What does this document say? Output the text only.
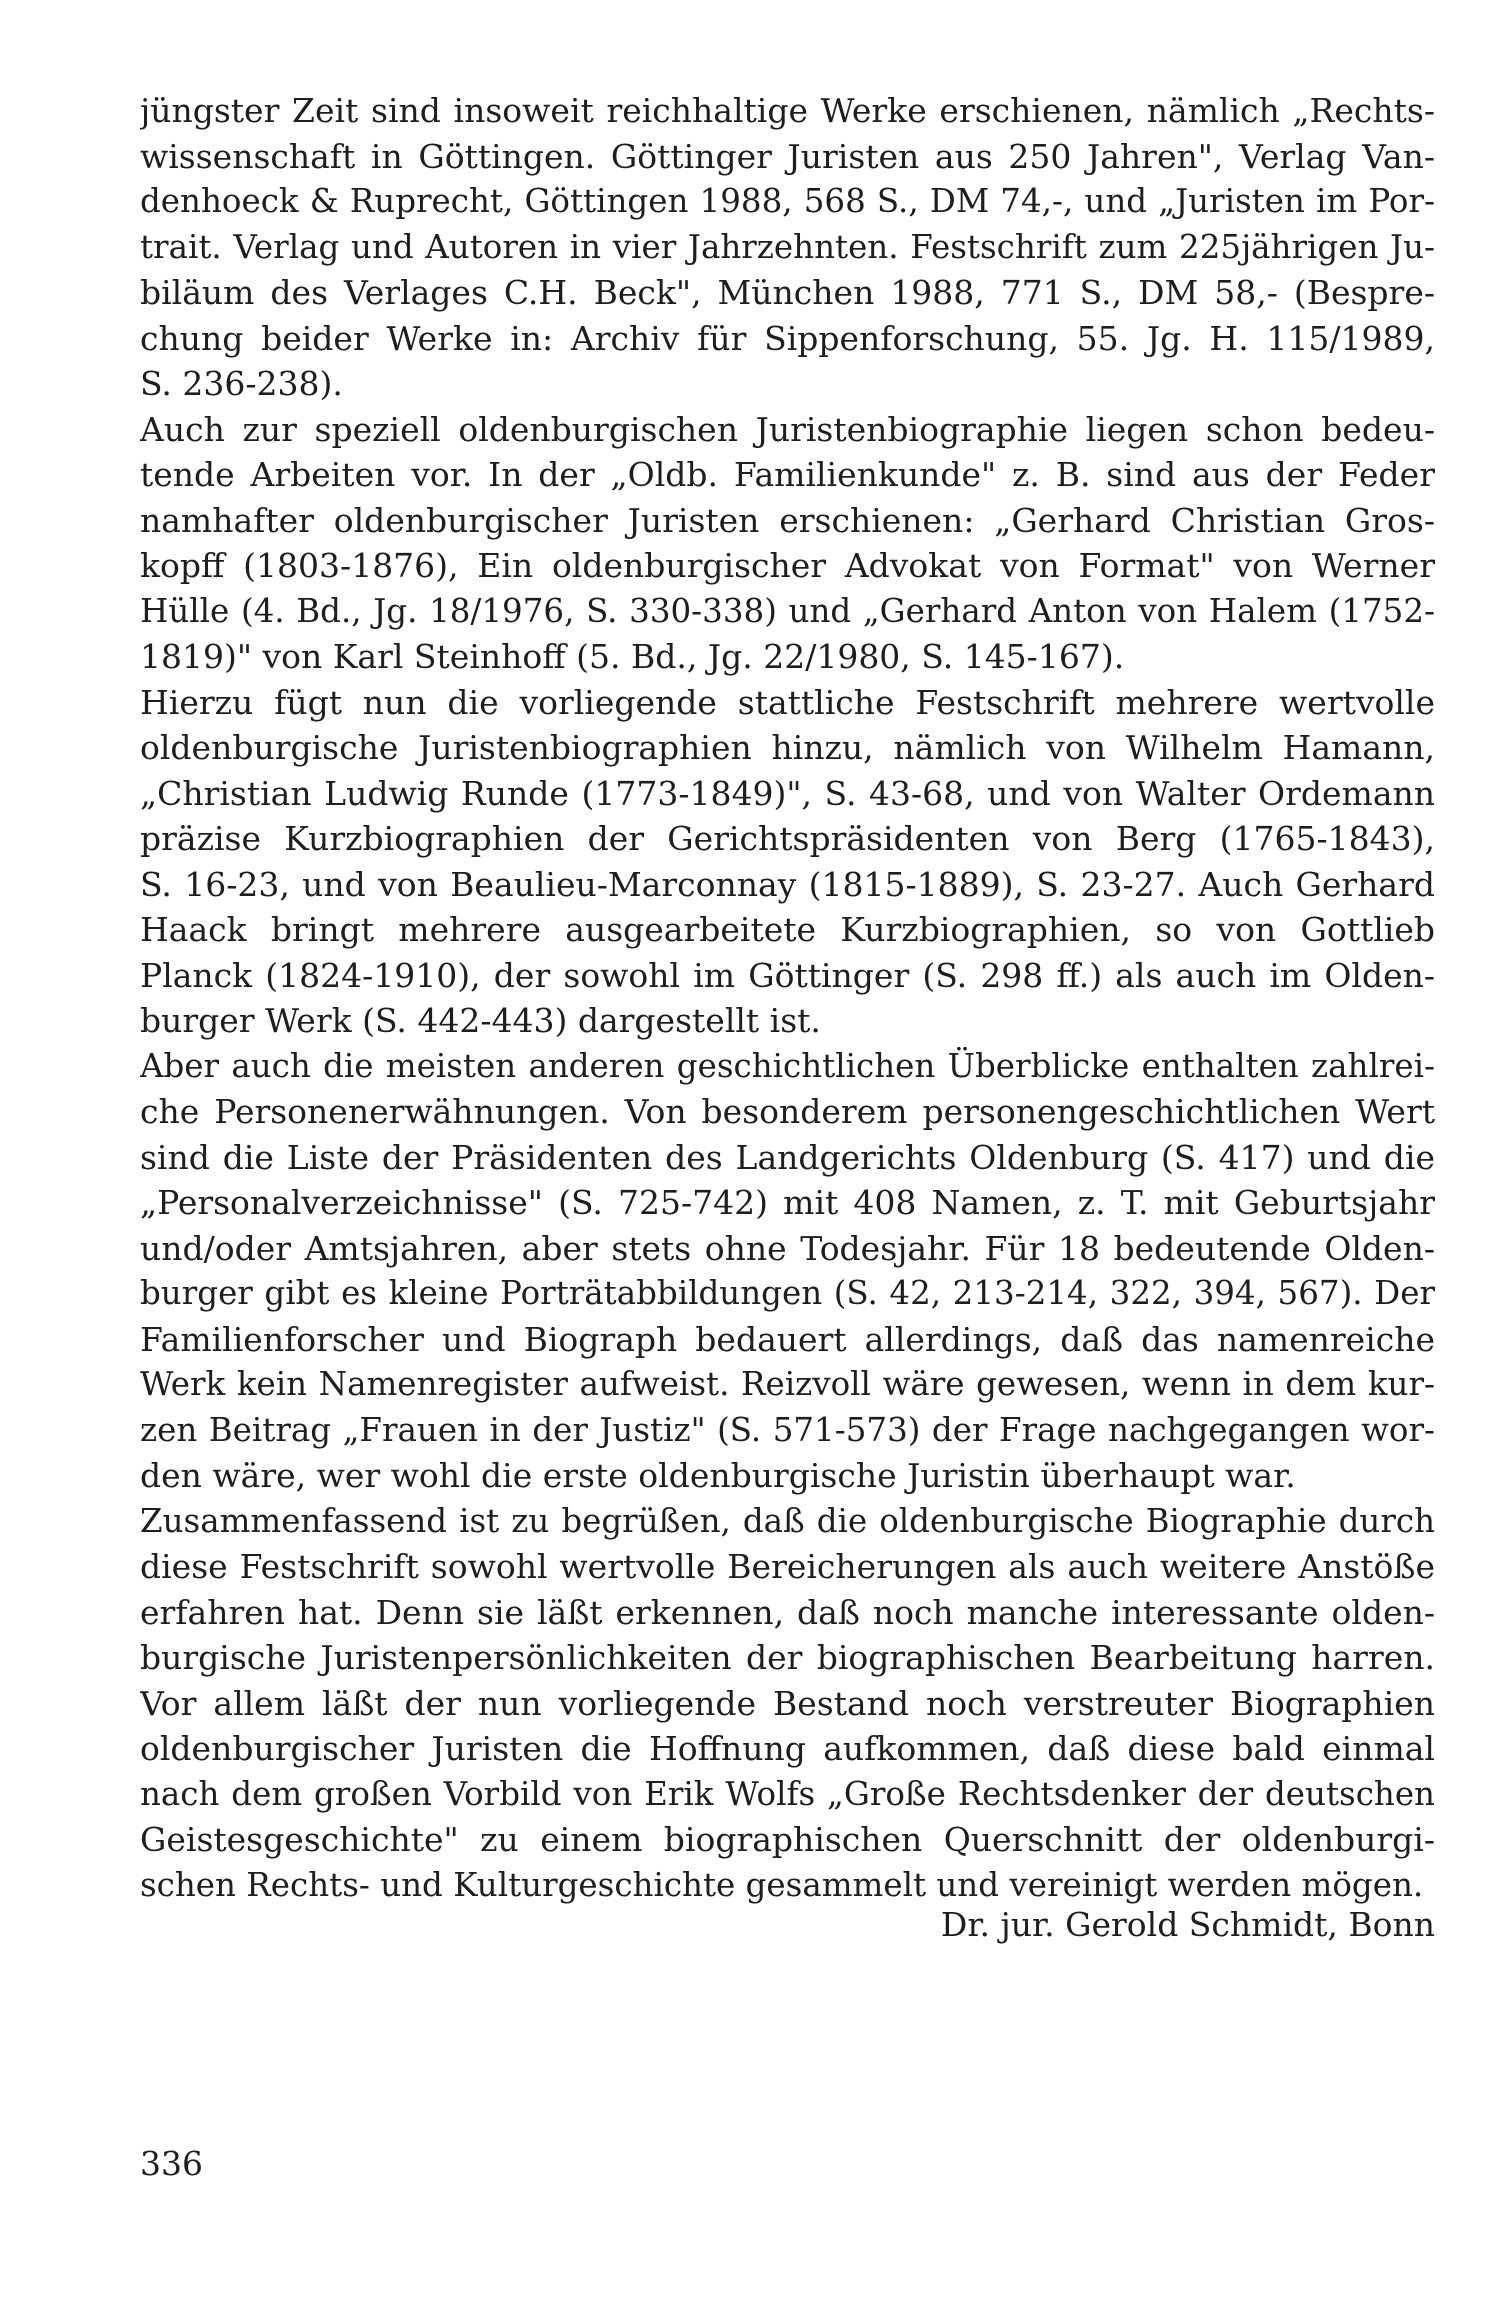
jüngster Zeit sind insoweit reichhaltige Werke erschienen, nämlich „Rechts-
wissenschaft in Göttingen. Göttinger Juristen aus 250 Jahren", Verlag Van-
denhoeck & Ruprecht, Göttingen 1988, 568 S., DM 74,-, und „Juristen im Por-
trait. Verlag und Autoren in vier Jahrzehnten. Festschrift zum 225jährigen Ju-
biläum des Verlages C.H. Beck", München 1988, 771 S., DM 58,- (Bespre-
chung beider Werke in: Archiv für Sippenforschung, 55. Jg. H. 115/1989,
S. 236-238).
Auch zur speziell oldenburgischen Juristenbiographie liegen schon bedeu-
tende Arbeiten vor. In der „Oldb. Familienkunde" z. B. sind aus der Feder
namhafter oldenburgischer Juristen erschienen: „Gerhard Christian Gros-
kopff (1803-1876), Ein oldenburgischer Advokat von Format" von Werner
Hülle (4. Bd., Jg. 18/1976, S. 330-338) und „Gerhard Anton von Halem (1752-
1819)" von Karl Steinhoff (5. Bd., Jg. 22/1980, S. 145-167).
Hierzu fügt nun die vorliegende stattliche Festschrift mehrere wertvolle
oldenburgische Juristenbiographien hinzu, nämlich von Wilhelm Hamann,
„Christian Ludwig Runde (1773-1849)", S. 43-68, und von Walter Ordemann
präzise Kurzbiographien der Gerichtspräsidenten von Berg (1765-1843),
S. 16-23, und von Beaulieu-Marconnay (1815-1889), S. 23-27. Auch Gerhard
Haack bringt mehrere ausgearbeitete Kurzbiographien, so von Gottlieb
Planck (1824-1910), der sowohl im Göttinger (S. 298 ff.) als auch im Olden-
burger Werk (S. 442-443) dargestellt ist.
Aber auch die meisten anderen geschichtlichen Überblicke enthalten zahlrei-
che Personenerwähnungen. Von besonderem personengeschichtlichen Wert
sind die Liste der Präsidenten des Landgerichts Oldenburg (S. 417) und die
„Personalverzeichnisse" (S. 725-742) mit 408 Namen, z. T. mit Geburtsjahr
und/oder Amtsjahren, aber stets ohne Todesjahr. Für 18 bedeutende Olden-
burger gibt es kleine Porträtabbildungen (S. 42, 213-214, 322, 394, 567). Der
Familienforscher und Biograph bedauert allerdings, daß das namenreiche
Werk kein Namenregister aufweist. Reizvoll wäre gewesen, wenn in dem kur-
zen Beitrag „Frauen in der Justiz" (S. 571-573) der Frage nachgegangen wor-
den wäre, wer wohl die erste oldenburgische Juristin überhaupt war.
Zusammenfassend ist zu begrüßen, daß die oldenburgische Biographie durch
diese Festschrift sowohl wertvolle Bereicherungen als auch weitere Anstöße
erfahren hat. Denn sie läßt erkennen, daß noch manche interessante olden-
burgische Juristenpersönlichkeiten der biographischen Bearbeitung harren.
Vor allem läßt der nun vorliegende Bestand noch verstreuter Biographien
oldenburgischer Juristen die Hoffnung aufkommen, daß diese bald einmal
nach dem großen Vorbild von Erik Wolfs „Große Rechtsdenker der deutschen
Geistesgeschichte" zu einem biographischen Querschnitt der oldenburgi-
schen Rechts- und Kulturgeschichte gesammelt und vereinigt werden mögen.
Dr. jur. Gerold Schmidt, Bonn
336
